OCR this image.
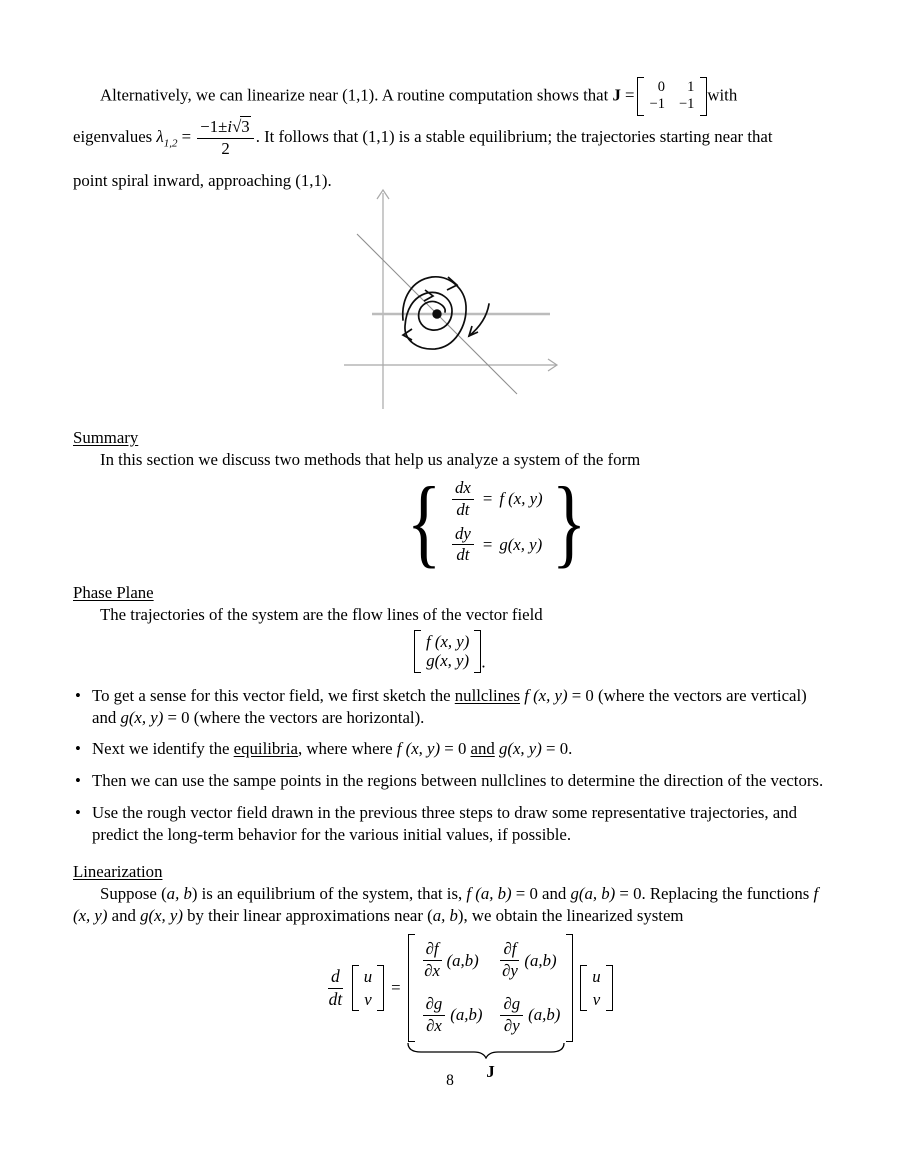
Alternatively, we can linearize near (1,1). A routine computation shows that J = 0 1
−1 −1
with
eigenvalues $\lambda_{1,2} = \frac{-1\pm i√3}{2}$ . It follows that (1,1) is a stable equilibrium; the trajectories starting near that
point spiral inward, approaching (1,1).
Summary
In this section we discuss two methods that help us analyze a system of the form
{ $\frac{dx}{dt} = f$ (x, y)
$\frac{dy}{dt} = g(x$, y) }
Phase Plane
The trajectories of the system are the flow lines of the vector field
f (x, y)
g(x, y) .
• To get a sense for this vector field, we first sketch the nullclines f (x, y) = 0 (where the vectors are vertical) and g(x, y) = 0 (where the vectors are horizontal).
• Next we identify the equilibria, where where f (x, y) = 0 and g(x, y) = 0.
• Then we can use the sampe points in the regions between nullclines to determine the direction of the vectors.
• Use the rough vector field drawn in the previous three steps to draw some representative trajectories, and predict the long-term behavior for the various initial values, if possible.
Linearization
Suppose (a, b) is an equilibrium of the system, that is, f (a, b) = 0 and g(a, b) = 0. Replacing the functions f (x, y) and g(x, y) by their linear approximations near (a, b), we obtain the linearized system
$\frac{d}{dt}$ u
v
=
$\frac{\partial f}{\partial x} (a,b) \frac{\partial f}{\partial y} (a,b)$
$\frac{\partial g}{\partial x} (a,b) \frac{\partial g}{\partial y} (a,b)$
J
u
v
8
